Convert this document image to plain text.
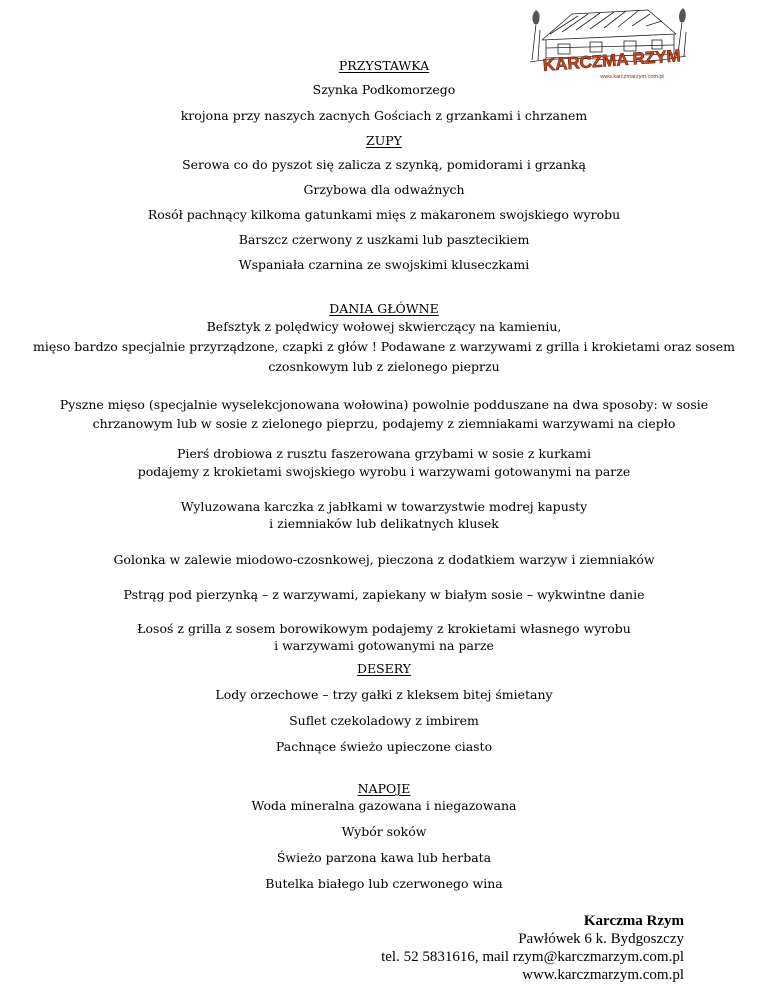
KARCZMA RZYM
www.karczmarzym.com.pl
PRZYSTAWKA
Szynka Podkomorzego
krojona przy naszych zacnych Gościach z grzankami i chrzanem
ZUPY
Serowa co do pyszot się zalicza z szynką, pomidorami i grzanką
Grzybowa dla odważnych
Rosół pachnący kilkoma gatunkami mięs z makaronem swojskiego wyrobu
Barszcz czerwony z uszkami lub pasztecikiem
Wspaniała czarnina ze swojskimi kluseczkami
DANIA GŁÓWNE
Befsztyk z polędwicy wołowej skwierczący na kamieniu,
mięso bardzo specjalnie przyrządzone, czapki z głów ! Podawane z warzywami z grilla i krokietami oraz sosem
czosnkowym lub z zielonego pieprzu
Pyszne mięso (specjalnie wyselekcjonowana wołowina) powolnie podduszane na dwa sposoby: w sosie
chrzanowym lub w sosie z zielonego pieprzu, podajemy z ziemniakami warzywami na ciepło
Pierś drobiowa z rusztu faszerowana grzybami w sosie z kurkami
podajemy z krokietami swojskiego wyrobu i warzywami gotowanymi na parze
Wyluzowana karczka z jabłkami w towarzystwie modrej kapusty
i ziemniaków lub delikatnych klusek
Golonka w zalewie miodowo-czosnkowej, pieczona z dodatkiem warzyw i ziemniaków
Pstrąg pod pierzynką – z warzywami, zapiekany w białym sosie – wykwintne danie
Łosoś z grilla z sosem borowikowym podajemy z krokietami własnego wyrobu
i warzywami gotowanymi na parze
DESERY
Lody orzechowe – trzy gałki z kleksem bitej śmietany
Suflet czekoladowy z imbirem
Pachnące świeżo upieczone ciasto
NAPOJE
Woda mineralna gazowana i niegazowana
Wybór soków
Świeżo parzona kawa lub herbata
Butelka białego lub czerwonego wina
Karczma Rzym
Pawłówek 6 k. Bydgoszczy
tel. 52 5831616, mail rzym@karczmarzym.com.pl
www.karczmarzym.com.pl
